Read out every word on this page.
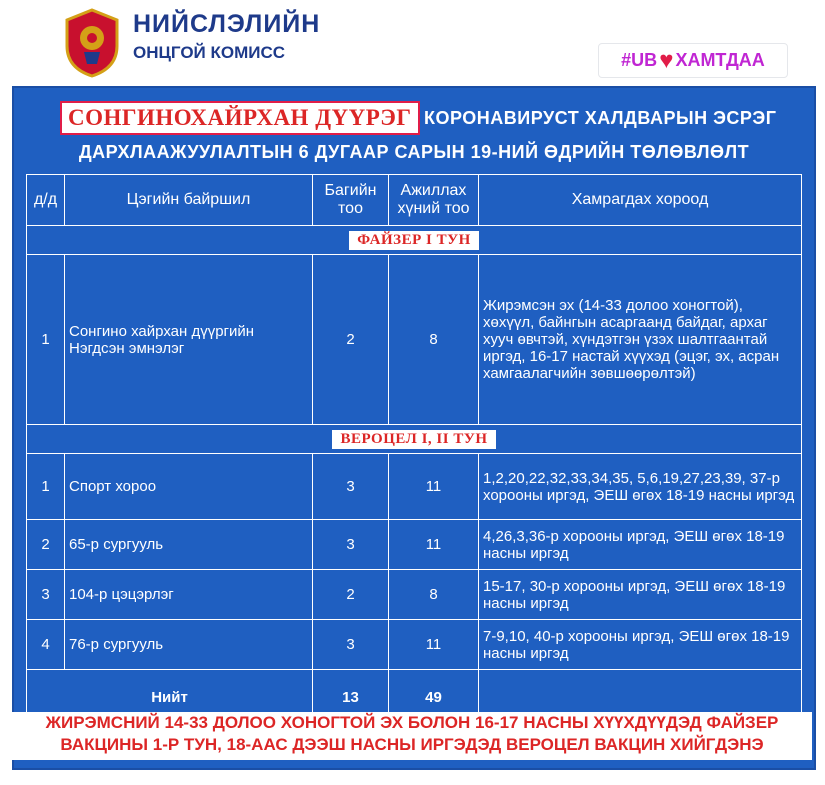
НИЙСЛЭЛИЙН
ОНЦГОЙ КОМИСС	#UB ♥ ХАМТДАА
СОНГИНОХАЙРХАН ДҮҮРЭГ КОРОНАВИРУСТ ХАЛДВАРЫН ЭСРЭГ
ДАРХЛААЖУУЛАЛТЫН 6 ДУГААР САРЫН 19-НИЙ ӨДРИЙН ТӨЛӨВЛӨЛТ
д/д	Цэгийн байршил	Багийн тоо	Ажиллах хүний тоо	Хамрагдах хороод
ФАЙЗЕР I ТУН				
1	Сонгино хайрхан дүүргийн Нэгдсэн эмнэлэг	2	8	Жирэмсэн эх (14-33 долоо хоногтой), хөхүүл, байнгын асаргаанд байдаг, архаг хууч өвчтэй, хүндэтгэн үзэх шалтгаантай иргэд, 16-17 настай хүүхэд (эцэг, эх, асран хамгаалагчийн зөвшөөрөлтэй)
ВЕРОЦЕЛ I, II ТУН				
1	Спорт хороо	3	11	1,2,20,22,32,33,34,35, 5,6,19,27,23,39, 37-р хорооны иргэд, ЭЕШ өгөх 18-19 насны иргэд
2	65-р сургууль	3	11	4,26,3,36-р хорооны иргэд, ЭЕШ өгөх 18-19 насны иргэд
3	104-р цэцэрлэг	2	8	15-17, 30-р хорооны иргэд, ЭЕШ өгөх 18-19 насны иргэд
4	76-р сургууль	3	11	7-9,10, 40-р хорооны иргэд, ЭЕШ өгөх 18-19 насны иргэд
Нийт		13	49	
ЖИРЭМСНИЙ 14-33 ДОЛОО ХОНОГТОЙ ЭХ БОЛОН 16-17 НАСНЫ ХҮҮХДҮҮДЭД ФАЙЗЕР
ВАКЦИНЫ 1-Р ТУН, 18-ААС ДЭЭШ НАСНЫ ИРГЭДЭД ВЕРОЦЕЛ ВАКЦИН ХИЙГДЭНЭ
